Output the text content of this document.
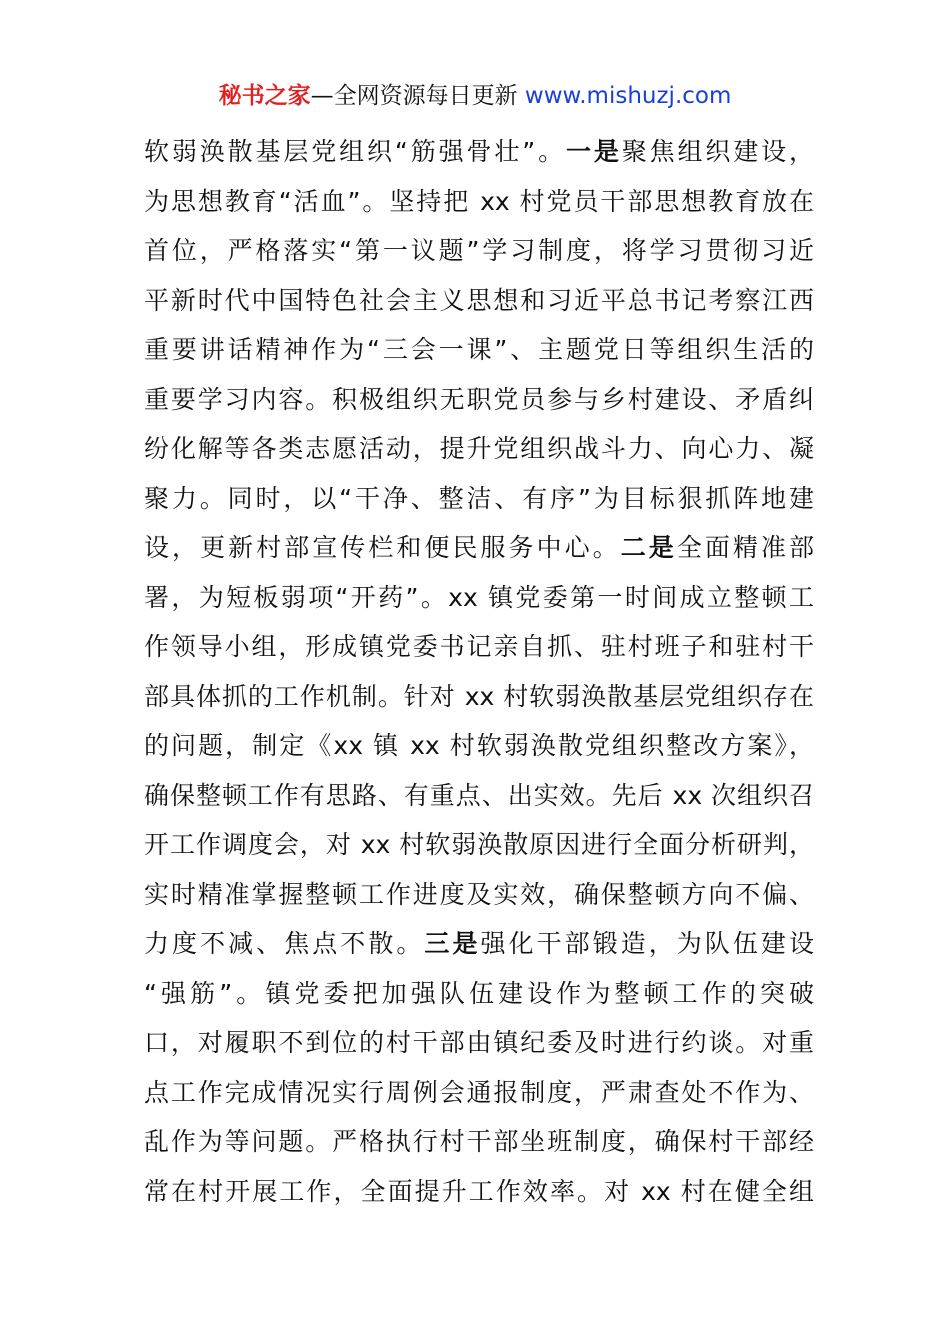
秘书之家—全网资源每日更新 www.mishuzj.com
软弱涣散基层党组织“筋强骨壮”。一是聚焦组织建设，
为思想教育“活血”。坚持把 xx 村党员干部思想教育放在
首位，严格落实“第一议题”学习制度，将学习贯彻习近
平新时代中国特色社会主义思想和习近平总书记考察江西
重要讲话精神作为“三会一课”、主题党日等组织生活的
重要学习内容。积极组织无职党员参与乡村建设、矛盾纠
纷化解等各类志愿活动，提升党组织战斗力、向心力、凝
聚力。同时，以“干净、整洁、有序”为目标狠抓阵地建
设，更新村部宣传栏和便民服务中心。二是全面精准部
署，为短板弱项“开药”。xx 镇党委第一时间成立整顿工
作领导小组，形成镇党委书记亲自抓、驻村班子和驻村干
部具体抓的工作机制。针对 xx 村软弱涣散基层党组织存在
的问题，制定《xx 镇 xx 村软弱涣散党组织整改方案》，
确保整顿工作有思路、有重点、出实效。先后 xx 次组织召
开工作调度会，对 xx 村软弱涣散原因进行全面分析研判，
实时精准掌握整顿工作进度及实效，确保整顿方向不偏、
力度不减、焦点不散。三是强化干部锻造，为队伍建设
“强筋”。镇党委把加强队伍建设作为整顿工作的突破
口，对履职不到位的村干部由镇纪委及时进行约谈。对重
点工作完成情况实行周例会通报制度，严肃查处不作为、
乱作为等问题。严格执行村干部坐班制度，确保村干部经
常在村开展工作，全面提升工作效率。对 xx 村在健全组
